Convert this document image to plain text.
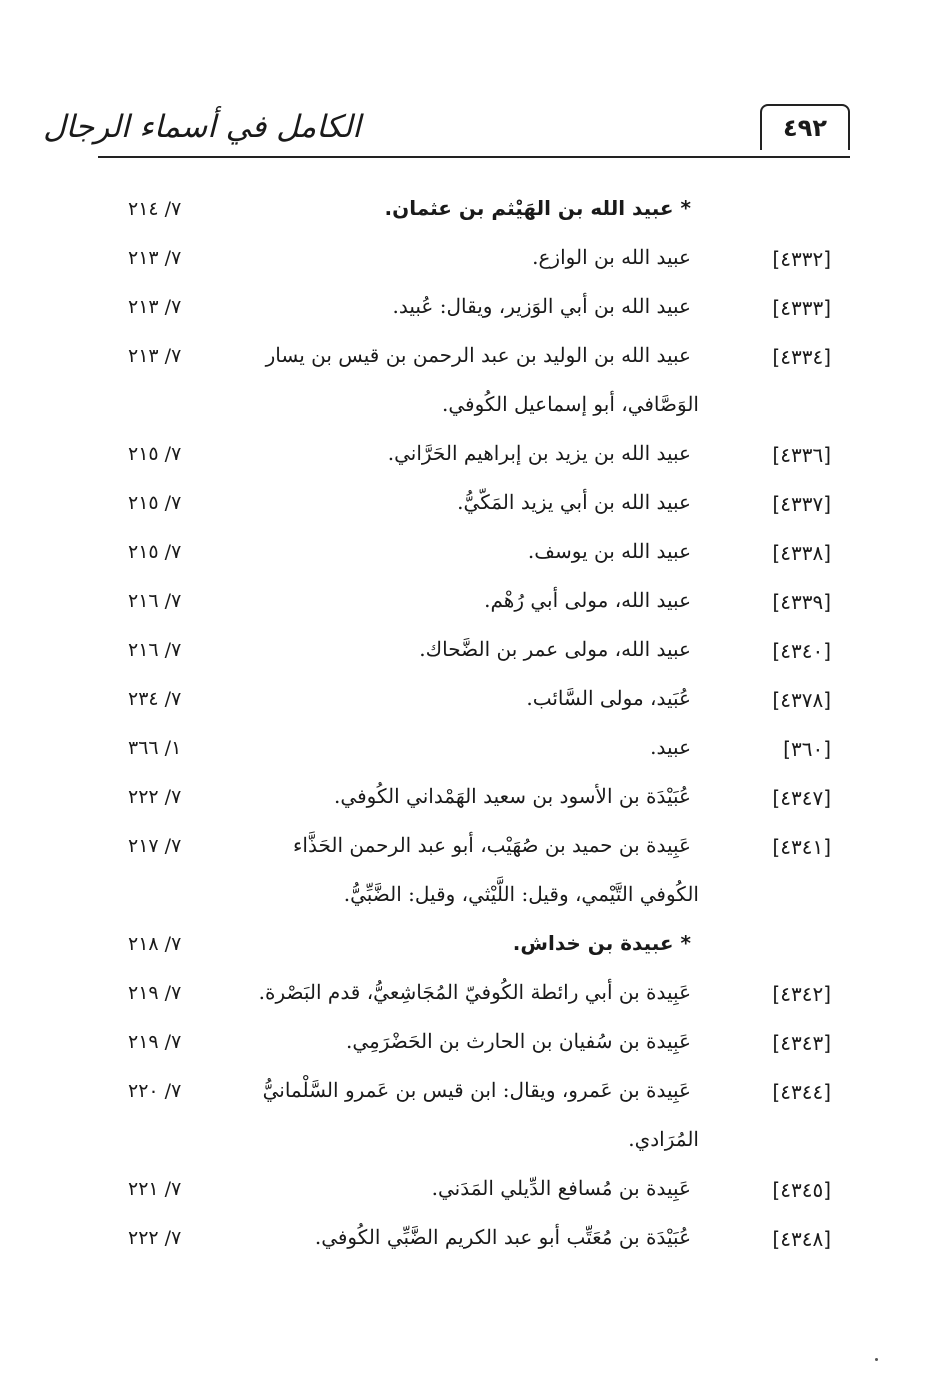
الكامل في أسماء الرجال	٤٩٢
* عبيد الله بن الهَيْثم بن عثمان.
٧/ ٢١٤
[٤٣٣٢]
عبيد الله بن الوازع.
٧/ ٢١٣
[٤٣٣٣]
عبيد الله بن أبي الوَزير، ويقال: عُبيد.
٧/ ٢١٣
[٤٣٣٤]
عبيد الله بن الوليد بن عبد الرحمن بن قيس بن يسار
٧/ ٢١٣
الوَصَّافي، أبو إسماعيل الكُوفي.
[٤٣٣٦]
عبيد الله بن يزيد بن إبراهيم الحَرَّاني.
٧/ ٢١٥
[٤٣٣٧]
عبيد الله بن أبي يزيد المَكّيُّ.
٧/ ٢١٥
[٤٣٣٨]
عبيد الله بن يوسف.
٧/ ٢١٥
[٤٣٣٩]
عبيد الله، مولى أبي رُهْم.
٧/ ٢١٦
[٤٣٤٠]
عبيد الله، مولى عمر بن الضَّحاك.
٧/ ٢١٦
[٤٣٧٨]
عُبَيد، مولى السَّائب.
٧/ ٢٣٤
[٣٦٠]
عبيد.
١/ ٣٦٦
[٤٣٤٧]
عُبَيْدَة بن الأسود بن سعيد الهَمْداني الكُوفي.
٧/ ٢٢٢
[٤٣٤١]
عَبِيدة بن حميد بن صُهَيْب، أبو عبد الرحمن الحَذَّاء
٧/ ٢١٧
الكُوفي التَّيْمي، وقيل: اللَّيْثي، وقيل: الضَّبِّيُّ.
* عبيدة بن خداش.
٧/ ٢١٨
[٤٣٤٢]
عَبِيدة بن أبي رائطة الكُوفيّ المُجَاشِعيُّ، قدم البَصْرة.
٧/ ٢١٩
[٤٣٤٣]
عَبِيدة بن سُفيان بن الحارث بن الحَضْرَمِي.
٧/ ٢١٩
[٤٣٤٤]
عَبِيدة بن عَمرو، ويقال: ابن قيس بن عَمرو السَّلْمانيُّ
٧/ ٢٢٠
المُرَادي.
[٤٣٤٥]
عَبِيدة بن مُسافع الدِّيلي المَدَني.
٧/ ٢٢١
[٤٣٤٨]
عُبَيْدَة بن مُعَتِّب أبو عبد الكريم الضَّبِّي الكُوفي.
٧/ ٢٢٢
